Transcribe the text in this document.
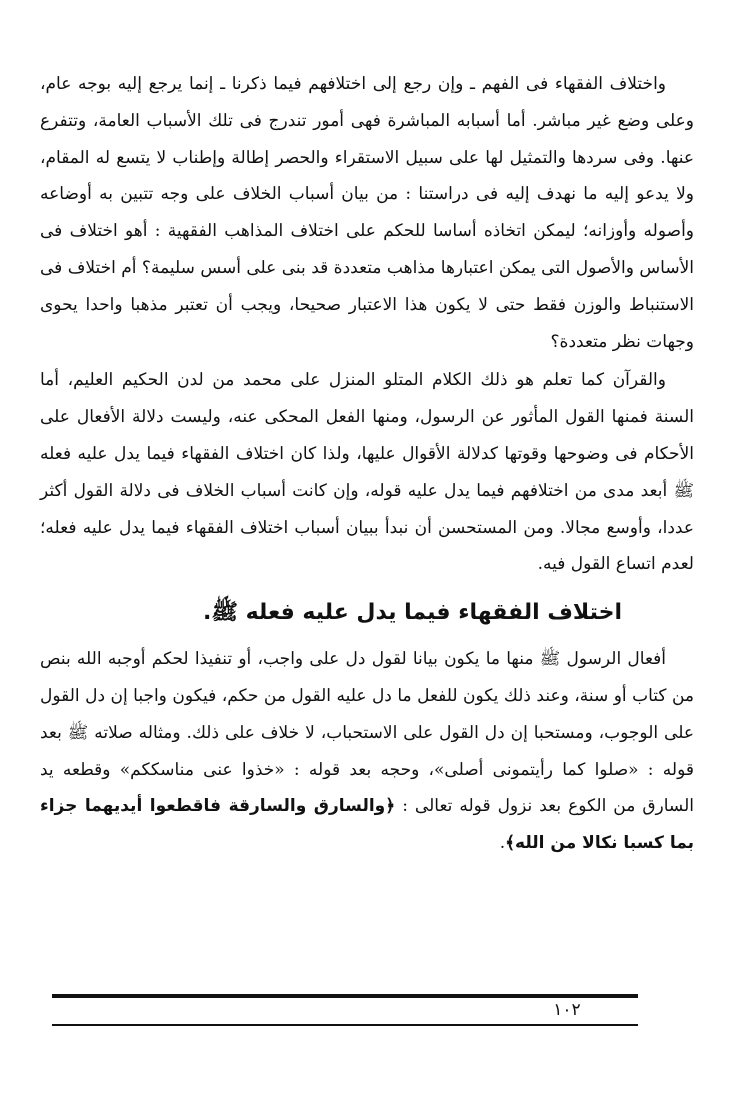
واختلاف الفقهاء فى الفهم ـ وإن رجع إلى اختلافهم فيما ذكرنا ـ إنما يرجع إليه بوجه عام، وعلى وضع غير مباشر. أما أسبابه المباشرة فهى أمور تندرج فى تلك الأسباب العامة، وتتفرع عنها. وفى سردها والتمثيل لها على سبيل الاستقراء والحصر إطالة وإطناب لا يتسع له المقام، ولا يدعو إليه ما نهدف إليه فى دراستنا : من بيان أسباب الخلاف على وجه تتبين به أوضاعه وأصوله وأوزانه؛ ليمكن اتخاذه أساسا للحكم على اختلاف المذاهب الفقهية : أهو اختلاف فى الأساس والأصول التى يمكن اعتبارها مذاهب متعددة قد بنى على أسس سليمة؟ أم اختلاف فى الاستنباط والوزن فقط حتى لا يكون هذا الاعتبار صحيحا، ويجب أن تعتبر مذهبا واحدا يحوى وجهات نظر متعددة؟

والقرآن كما تعلم هو ذلك الكلام المتلو المنزل على محمد من لدن الحكيم العليم، أما السنة فمنها القول المأثور عن الرسول، ومنها الفعل المحكى عنه، وليست دلالة الأفعال على الأحكام فى وضوحها وقوتها كدلالة الأقوال عليها، ولذا كان اختلاف الفقهاء فيما يدل عليه فعله ﷺ أبعد مدى من اختلافهم فيما يدل عليه قوله، وإن كانت أسباب الخلاف فى دلالة القول أكثر عددا، وأوسع مجالا. ومن المستحسن أن نبدأ ببيان أسباب اختلاف الفقهاء فيما يدل عليه فعله؛ لعدم اتساع القول فيه.

اختلاف الفقهاء فيما يدل عليه فعله ﷺ.

أفعال الرسول ﷺ منها ما يكون بيانا لقول دل على واجب، أو تنفيذا لحكم أوجبه الله بنص من كتاب أو سنة، وعند ذلك يكون للفعل ما دل عليه القول من حكم، فيكون واجبا إن دل القول على الوجوب، ومستحبا إن دل القول على الاستحباب، لا خلاف على ذلك. ومثاله صلاته ﷺ بعد قوله : «صلوا كما رأيتمونى أصلى»، وحجه بعد قوله : «خذوا عنى مناسككم» وقطعه يد السارق من الكوع بعد نزول قوله تعالى : ﴿والسارق والسارقة فاقطعوا أيديهما جزاء بما كسبا نكالا من الله﴾.

١٠٢
